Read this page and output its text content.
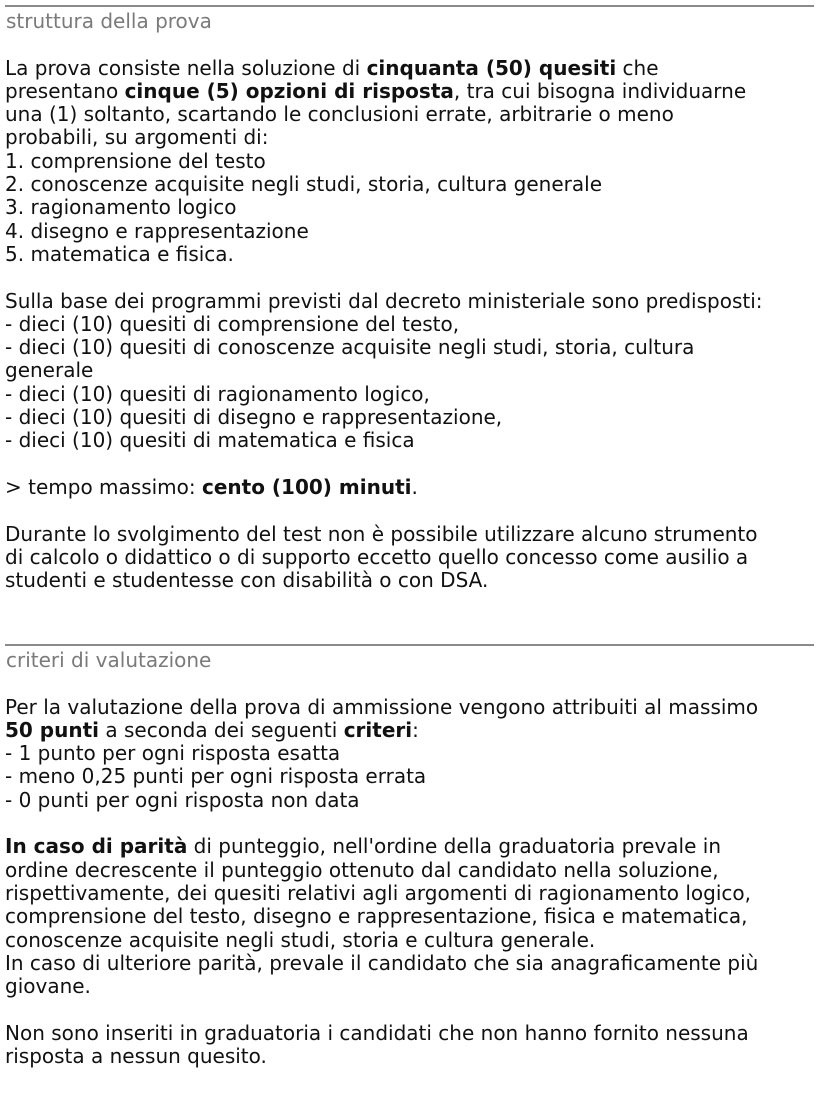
struttura della prova
La prova consiste nella soluzione di cinquanta (50) quesiti che
presentano cinque (5) opzioni di risposta, tra cui bisogna individuarne
una (1) soltanto, scartando le conclusioni errate, arbitrarie o meno
probabili, su argomenti di:
1. comprensione del testo
2. conoscenze acquisite negli studi, storia, cultura generale
3. ragionamento logico
4. disegno e rappresentazione
5. matematica e fisica.
Sulla base dei programmi previsti dal decreto ministeriale sono predisposti:
- dieci (10) quesiti di comprensione del testo,
- dieci (10) quesiti di conoscenze acquisite negli studi, storia, cultura
generale
- dieci (10) quesiti di ragionamento logico,
- dieci (10) quesiti di disegno e rappresentazione,
- dieci (10) quesiti di matematica e fisica
> tempo massimo: cento (100) minuti.
Durante lo svolgimento del test non è possibile utilizzare alcuno strumento
di calcolo o didattico o di supporto eccetto quello concesso come ausilio a
studenti e studentesse con disabilità o con DSA.
criteri di valutazione
Per la valutazione della prova di ammissione vengono attribuiti al massimo
50 punti a seconda dei seguenti criteri:
- 1 punto per ogni risposta esatta
- meno 0,25 punti per ogni risposta errata
- 0 punti per ogni risposta non data
In caso di parità di punteggio, nell'ordine della graduatoria prevale in
ordine decrescente il punteggio ottenuto dal candidato nella soluzione,
rispettivamente, dei quesiti relativi agli argomenti di ragionamento logico,
comprensione del testo, disegno e rappresentazione, fisica e matematica,
conoscenze acquisite negli studi, storia e cultura generale.
In caso di ulteriore parità, prevale il candidato che sia anagraficamente più
giovane.
Non sono inseriti in graduatoria i candidati che non hanno fornito nessuna
risposta a nessun quesito.
